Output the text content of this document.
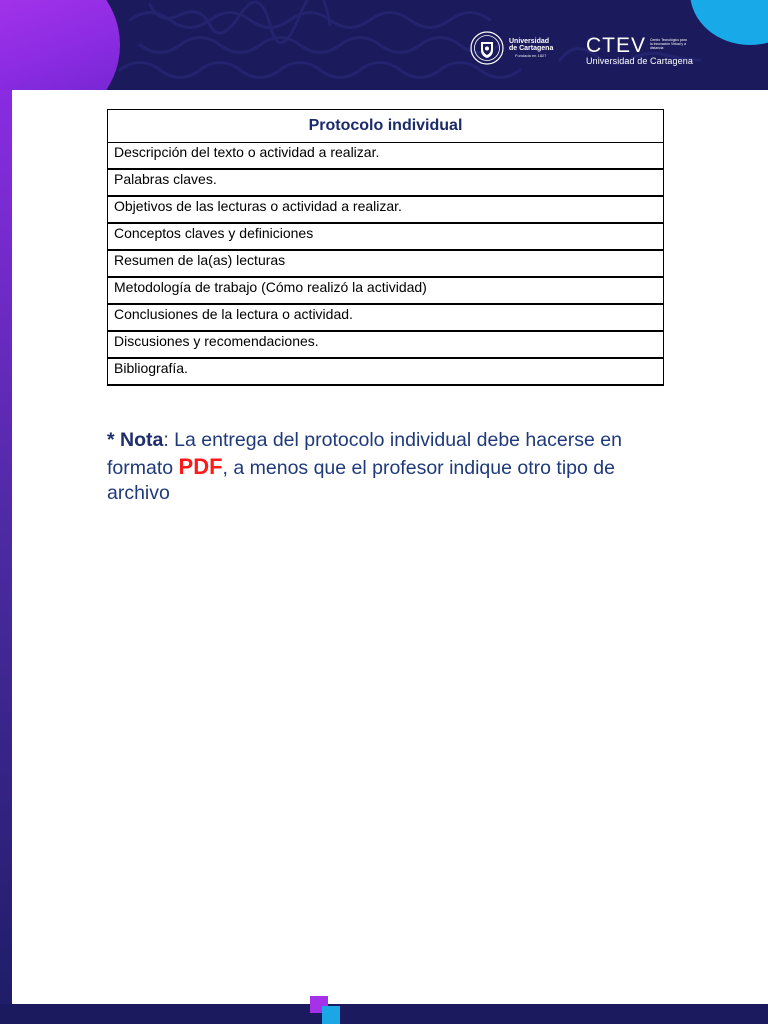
Universidad
de Cartagena
Fundada en 1827	CTEV Centro Tecnológico para la Innovación Virtual y a distancia
Universidad de Cartagena
Protocolo individual
Descripción del texto o actividad a realizar.
Palabras claves.
Objetivos de las lecturas o actividad a realizar.
Conceptos claves y definiciones
Resumen de la(as) lecturas
Metodología de trabajo (Cómo realizó la actividad)
Conclusiones de la lectura o actividad.
Discusiones y recomendaciones.
Bibliografía.
* Nota: La entrega del protocolo individual debe hacerse en formato PDF, a menos que el profesor indique otro tipo de archivo
